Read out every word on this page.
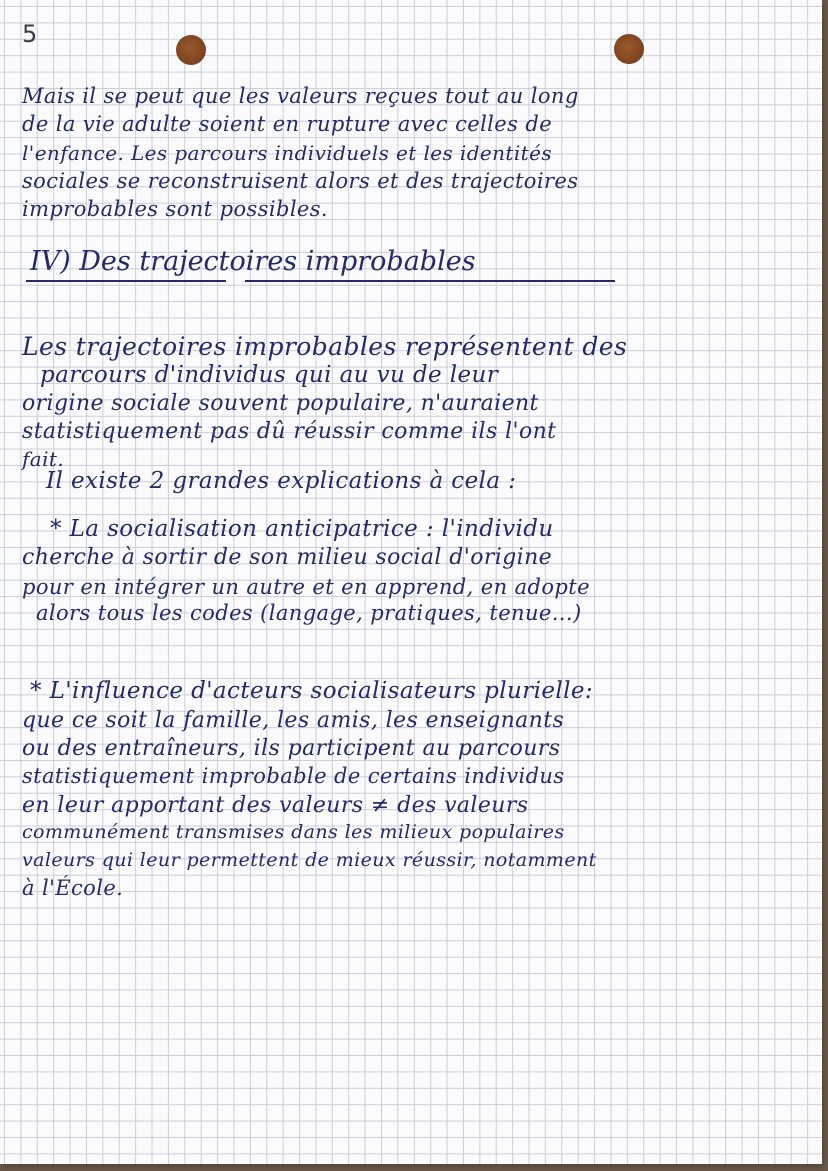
5
Mais il se peut que les valeurs reçues tout au long
de la vie adulte soient en rupture avec celles de
l'enfance. Les parcours individuels et les identités
sociales se reconstruisent alors et des trajectoires
improbables sont possibles.
IV) Des trajectoires improbables
Les trajectoires improbables représentent des
parcours d'individus qui au vu de leur
origine sociale souvent populaire, n'auraient
statistiquement pas dû réussir comme ils l'ont
fait.
Il existe 2 grandes explications à cela :
* La socialisation anticipatrice : l'individu
cherche à sortir de son milieu social d'origine
pour en intégrer un autre et en apprend, en adopte
alors tous les codes (langage, pratiques, tenue...)
* L'influence d'acteurs socialisateurs plurielle:
que ce soit la famille, les amis, les enseignants
ou des entraîneurs, ils participent au parcours
statistiquement improbable de certains individus
en leur apportant des valeurs ≠ des valeurs
communément transmises dans les milieux populaires
valeurs qui leur permettent de mieux réussir, notamment
à l'École.
